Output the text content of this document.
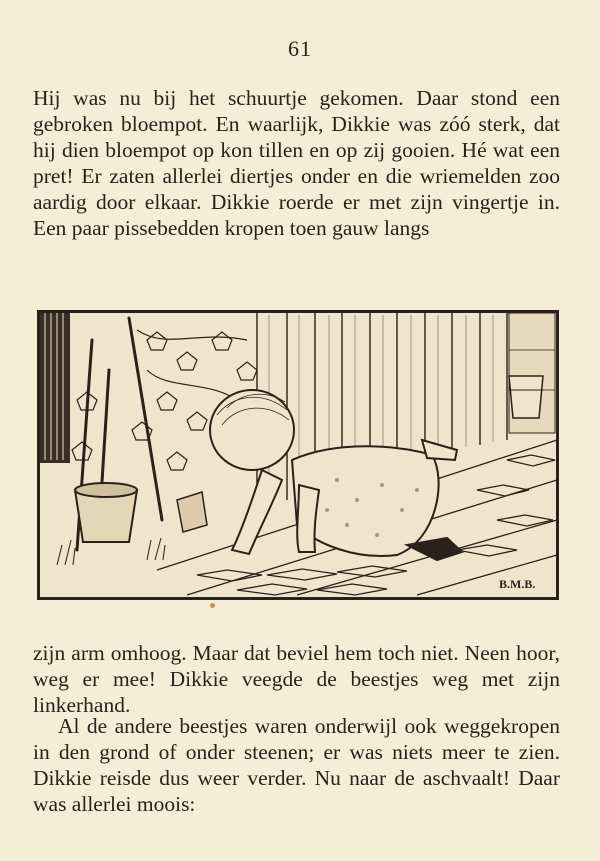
61

Hij was nu bij het schuurtje gekomen. Daar stond een gebroken bloempot. En waarlijk, Dikkie was zóó sterk, dat hij dien bloempot op kon tillen en op zij gooien. Hé wat een pret! Er zaten allerlei diertjes onder en die wriemelden zoo aardig door elkaar. Dikkie roerde er met zijn vingertje in. Een paar pissebedden kropen toen gauw langs

B.M.B.

zijn arm omhoog. Maar dat beviel hem toch niet. Neen hoor, weg er mee! Dikkie veegde de beestjes weg met zijn linkerhand.

Al de andere beestjes waren onderwijl ook weggekropen in den grond of onder steenen; er was niets meer te zien. Dikkie reisde dus weer verder. Nu naar de aschvaalt! Daar was allerlei moois:
